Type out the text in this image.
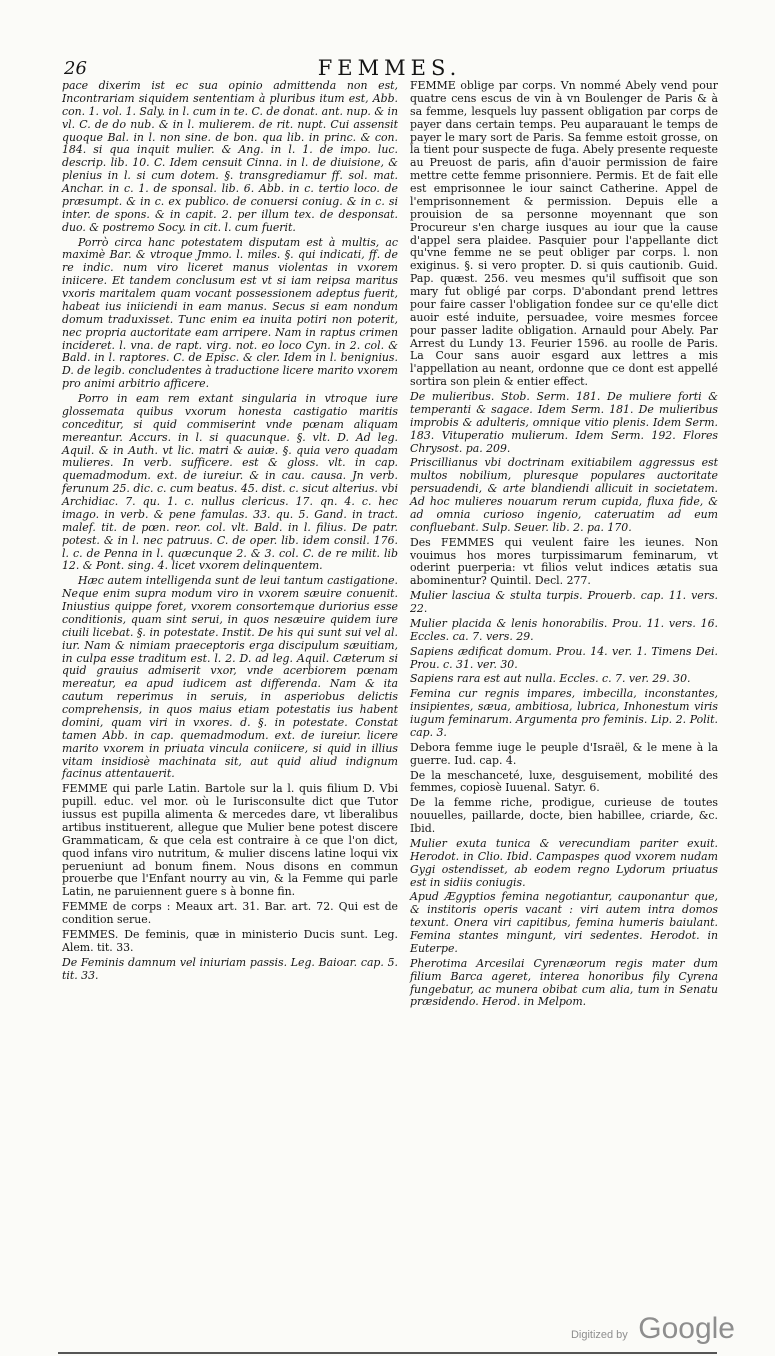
26	FEMMES.

pace dixerim ist ec sua opinio admittenda non est, Incontrariam siquidem sententiam à pluribus itum est, Abb. con. 1. vol. 1. Saly. in l. cum in te. C. de donat. ant. nup. & in vl. C. de do nub. & in l. mulierem. de rit. nupt. Cui assensit quoque Bal. in l. non sine. de bon. qua lib. in princ. & con. 184. si qua inquit mulier. & Ang. in l. 1. de impo. luc. descrip. lib. 10. C. Idem censuit Cinna. in l. de diuisione, & plenius in l. si cum dotem. §. transgrediamur ff. sol. mat. Anchar. in c. 1. de sponsal. lib. 6. Abb. in c. tertio loco. de præsumpt. & in c. ex publico. de conuersi coniug. & in c. si inter. de spons. & in capit. 2. per illum tex. de desponsat. duo. & postremo Socy. in cit. l. cum fuerit.

Porrò circa hanc potestatem disputam est à multis, ac maximè Bar. & vtroque Jmmo. l. miles. §. qui indicati, ff. de re indic. num viro liceret manus violentas in vxorem iniicere. Et tandem conclusum est vt si iam reipsa maritus vxoris maritalem quam vocant possessionem adeptus fuerit, habeat ius iniiciendi in eam manus. Secus si eam nondum domum traduxisset. Tunc enim ea inuita potiri non poterit, nec propria auctoritate eam arripere. Nam in raptus crimen incideret. l. vna. de rapt. virg. not. eo loco Cyn. in 2. col. & Bald. in l. raptores. C. de Episc. & cler. Idem in l. benignius. D. de legib. concludentes à traductione licere marito vxorem pro animi arbitrio afficere.

Porro in eam rem extant singularia in vtroque iure glossemata quibus vxorum honesta castigatio maritis conceditur, si quid commiserint vnde pœnam aliquam mereantur. Accurs. in l. si quacunque. §. vlt. D. Ad leg. Aquil. & in Auth. vt lic. matri & auiæ. §. quia vero quadam mulieres. In verb. sufficere. est & gloss. vlt. in cap. quemadmodum. ext. de iureiur. & in cau. causa. Jn verb. ferunum 25. dic. c. cum beatus. 45. dist. c. sicut alterius. vbi Archidiac. 7. qu. 1. c. nullus clericus. 17. qn. 4. c. hec imago. in verb. & pene famulas. 33. qu. 5. Gand. in tract. malef. tit. de pœn. reor. col. vlt. Bald. in l. filius. De patr. potest. & in l. nec patruus. C. de oper. lib. idem consil. 176. l. c. de Penna in l. quæcunque 2. & 3. col. C. de re milit. lib 12. & Pont. sing. 4. licet vxorem delinquentem.

Hæc autem intelligenda sunt de leui tantum castigatione. Neque enim supra modum viro in vxorem sæuire conuenit. Iniustius quippe foret, vxorem consortemque duriorius esse conditionis, quam sint serui, in quos nesæuire quidem iure ciuili licebat. §. in potestate. Instit. De his qui sunt sui vel al. iur. Nam & nimiam praeceptoris erga discipulum sæuitiam, in culpa esse traditum est. l. 2. D. ad leg. Aquil. Cæterum si quid grauius admiserit vxor, vnde acerbiorem pœnam mereatur, ea apud iudicem ast differenda. Nam & ita cautum reperimus in seruis, in asperiobus delictis comprehensis, in quos maius etiam potestatis ius habent domini, quam viri in vxores. d. §. in potestate. Constat tamen Abb. in cap. quemadmodum. ext. de iureiur. licere marito vxorem in priuata vincula coniicere, si quid in illius vitam insidiosè machinata sit, aut quid aliud indignum facinus attentauerit.

FEMME qui parle Latin. Bartole sur la l. quis filium D. Vbi pupill. educ. vel mor. où le Iurisconsulte dict que Tutor iussus est pupilla alimenta & mercedes dare, vt liberalibus artibus instituerent, allegue que Mulier bene potest discere Grammaticam, & que cela est contraire à ce que l'on dict, quod infans viro nutritum, & mulier discens latine loqui vix perueniunt ad bonum finem. Nous disons en commun prouerbe que l'Enfant nourry au vin, & la Femme qui parle Latin, ne paruiennent guere s à bonne fin.

FEMME de corps : Meaux art. 31. Bar. art. 72. Qui est de condition serue.

FEMMES. De feminis, quæ in ministerio Ducis sunt. Leg. Alem. tit. 33.

De Feminis damnum vel iniuriam passis. Leg. Baioar. cap. 5. tit. 33.

FEMME oblige par corps. Vn nommé Abely vend pour quatre cens escus de vin à vn Boulenger de Paris & à sa femme, lesquels luy passent obligation par corps de payer dans certain temps. Peu auparauant le temps de payer le mary sort de Paris. Sa femme estoit grosse, on la tient pour suspecte de fuga. Abely presente requeste au Preuost de paris, afin d'auoir permission de faire mettre cette femme prisonniere. Permis. Et de fait elle est emprisonnee le iour sainct Catherine. Appel de l'emprisonnement & permission. Depuis elle a prouision de sa personne moyennant que son Procureur s'en charge iusques au iour que la cause d'appel sera plaidee. Pasquier pour l'appellante dict qu'vne femme ne se peut obliger par corps. l. non exiginus. §. si vero propter. D. si quis cautionib. Guid. Pap. quæst. 256. veu mesmes qu'il suffisoit que son mary fut obligé par corps. D'abondant prend lettres pour faire casser l'obligation fondee sur ce qu'elle dict auoir esté induite, persuadee, voire mesmes forcee pour passer ladite obligation. Arnauld pour Abely. Par Arrest du Lundy 13. Feurier 1596. au roolle de Paris. La Cour sans auoir esgard aux lettres a mis l'appellation au neant, ordonne que ce dont est appellé sortira son plein & entier effect.

De mulieribus. Stob. Serm. 181. De muliere forti & temperanti & sagace. Idem Serm. 181. De mulieribus improbis & adulteris, omnique vitio plenis. Idem Serm. 183. Vituperatio mulierum. Idem Serm. 192. Flores Chrysost. pa. 209.

Priscillianus vbi doctrinam exitiabilem aggressus est multos nobilium, pluresque populares auctoritate persuadendi, & arte blandiendi allicuit in societatem. Ad hoc mulieres nouarum rerum cupida, fluxa fide, & ad omnia curioso ingenio, cateruatim ad eum confluebant. Sulp. Seuer. lib. 2. pa. 170.

Des FEMMES qui veulent faire les ieunes. Non vouimus hos mores turpissimarum feminarum, vt oderint puerperia: vt filios velut indices ætatis sua abominentur? Quintil. Decl. 277.

Mulier lasciua & stulta turpis. Prouerb. cap. 11. vers. 22.

Mulier placida & lenis honorabilis. Prou. 11. vers. 16. Eccles. ca. 7. vers. 29.

Sapiens ædificat domum. Prou. 14. ver. 1. Timens Dei. Prou. c. 31. ver. 30.

Sapiens rara est aut nulla. Eccles. c. 7. ver. 29. 30.

Femina cur regnis impares, imbecilla, inconstantes, insipientes, sæua, ambitiosa, lubrica, Inhonestum viris iugum feminarum. Argumenta pro feminis. Lip. 2. Polit. cap. 3.

Debora femme iuge le peuple d'Israël, & le mene à la guerre. Iud. cap. 4.

De la meschanceté, luxe, desguisement, mobilité des femmes, copiosè Iuuenal. Satyr. 6.

De la femme riche, prodigue, curieuse de toutes nouuelles, paillarde, docte, bien habillee, criarde, &c. Ibid.

Mulier exuta tunica & verecundiam pariter exuit. Herodot. in Clio. Ibid. Campaspes quod vxorem nudam Gygi ostendisset, ab eodem regno Lydorum priuatus est in sidiis coniugis.

Apud Ægyptios femina negotiantur, cauponantur que, & institoris operis vacant : viri autem intra domos texunt. Onera viri capitibus, femina humeris baiulant. Femina stantes mingunt, viri sedentes. Herodot. in Euterpe.

Pherotima Arcesilai Cyrenæorum regis mater dum filium Barca ageret, interea honoribus fily Cyrena fungebatur, ac munera obibat cum alia, tum in Senatu præsidendo. Herod. in Melpom.

Digitized by Google
